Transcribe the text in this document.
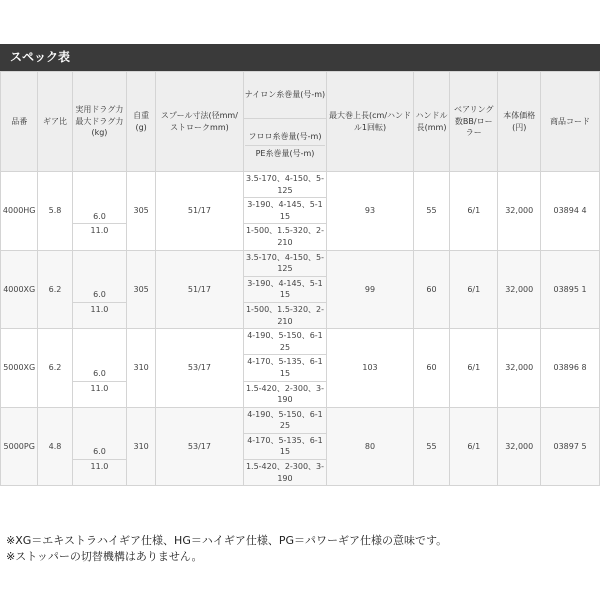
スペック表
品番	ギア比	実用ドラグ力 最大ドラグ力 (kg)	自重(g)	スプール寸法(径mm/ストロークmm)	ナイロン糸巻量(号-m)	最大巻上長(cm/ハンドル1回転)	ハンドル長(mm)	ベアリング数BB/ローラー	本体価格(円)	商品コード

					フロロ糸巻量(号-m)
PE糸巻量(号-m)					

4000HG	5.8	6.0	305	51/17	3.5-170、4-150、5-125	93	55	6/1	32,000	03894 4
					3-190、4-145、5-115					
		11.0			1-500、1.5-320、2-210					

4000XG	6.2	6.0	305	51/17	3.5-170、4-150、5-125	99	60	6/1	32,000	03895 1
					3-190、4-145、5-115					
		11.0			1-500、1.5-320、2-210					

5000XG	6.2	6.0	310	53/17	4-190、5-150、6-125	103	60	6/1	32,000	03896 8
					4-170、5-135、6-115					
		11.0			1.5-420、2-300、3-190					

5000PG	4.8	6.0	310	53/17	4-190、5-150、6-125	80	55	6/1	32,000	03897 5
					4-170、5-135、6-115					
		11.0			1.5-420、2-300、3-190					

※XG＝エキストラハイギア仕様、HG＝ハイギア仕様、PG＝パワーギア仕様の意味です。
※ストッパーの切替機構はありません。
